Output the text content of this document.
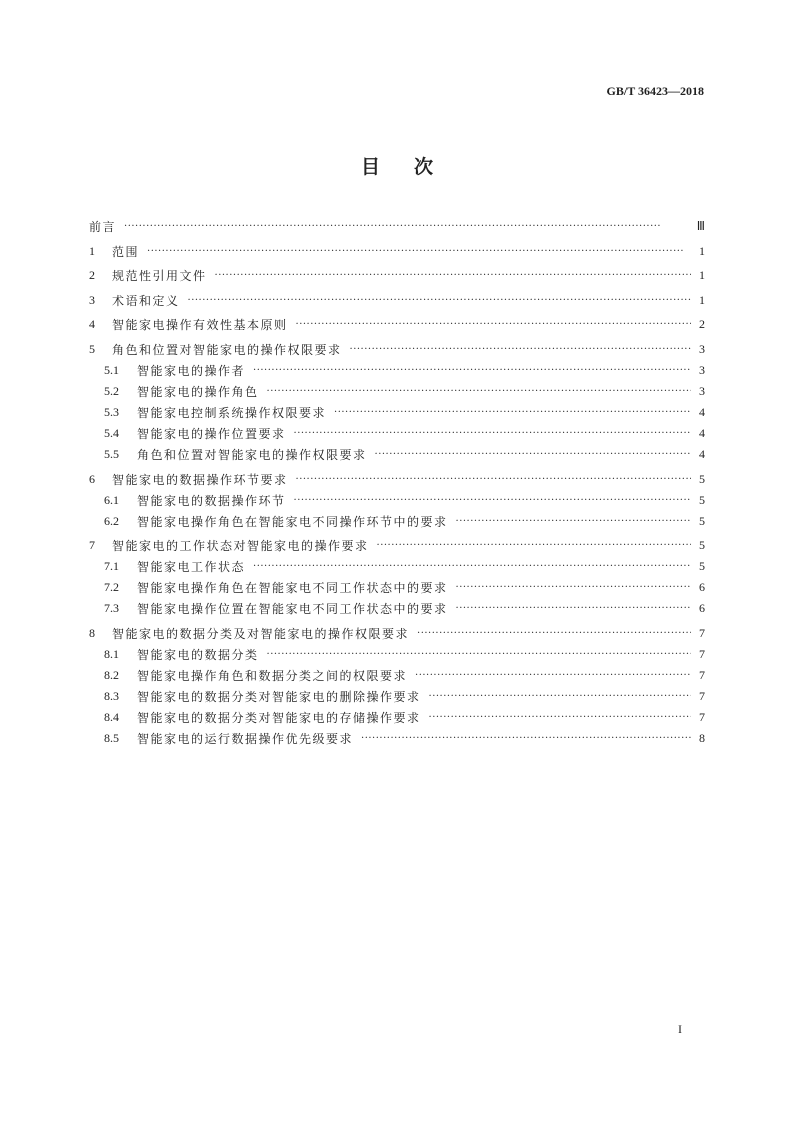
GB/T 36423—2018
目次
前言 ·····	Ⅲ
1	范围 ·····	1
2	规范性引用文件 ·····	1
3	术语和定义 ·····	1
4	智能家电操作有效性基本原则 ·····	2
5	角色和位置对智能家电的操作权限要求 ·····	3
5.1	智能家电的操作者 ·····	3
5.2	智能家电的操作角色 ·····	3
5.3	智能家电控制系统操作权限要求 ·····	4
5.4	智能家电的操作位置要求 ·····	4
5.5	角色和位置对智能家电的操作权限要求 ·····	4
6	智能家电的数据操作环节要求 ·····	5
6.1	智能家电的数据操作环节 ·····	5
6.2	智能家电操作角色在智能家电不同操作环节中的要求 ·····	5
7	智能家电的工作状态对智能家电的操作要求 ·····	5
7.1	智能家电工作状态 ·····	5
7.2	智能家电操作角色在智能家电不同工作状态中的要求 ·····	6
7.3	智能家电操作位置在智能家电不同工作状态中的要求 ·····	6
8	智能家电的数据分类及对智能家电的操作权限要求 ·····	7
8.1	智能家电的数据分类 ·····	7
8.2	智能家电操作角色和数据分类之间的权限要求 ·····	7
8.3	智能家电的数据分类对智能家电的删除操作要求 ·····	7
8.4	智能家电的数据分类对智能家电的存储操作要求 ·····	7
8.5	智能家电的运行数据操作优先级要求 ·····	8
I
